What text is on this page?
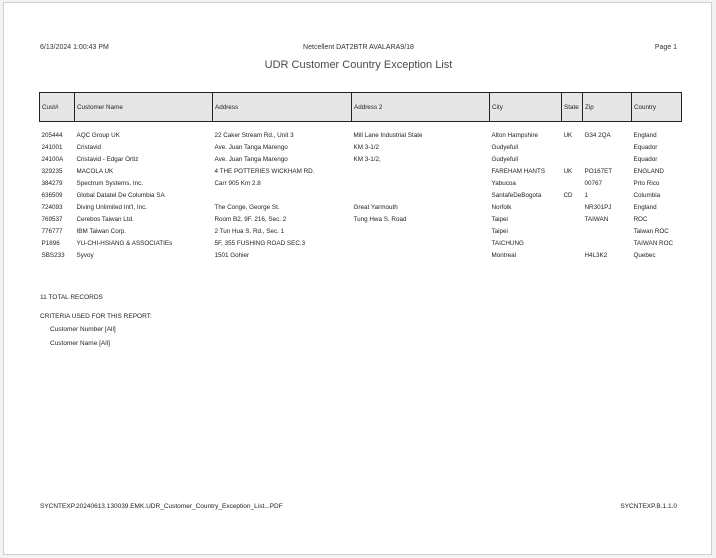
6/13/2024 1:00:43 PM	Netcellent DAT2BTR AVALARA9/18	Page 1
UDR Customer Country Exception List
Cust#	Customer Name	Address	Address 2	City	State	Zip	Country

205444	AQC Group UK	22 Caker Stream Rd., Unit 3	Mill Lane Industrial State	Alton Hampshire	UK	G34 2QA	England
241001	Cristavid	Ave. Juan Tanga Marengo	KM 3-1/2	Gudyefuil			Equador
24100A	Cristavid - Edgar Ortiz	Ave. Juan Tanga Marengo	KM 3-1/2,	Gudyefuil			Equador
329235	MACOLA UK	4 THE POTTERIES WICKHAM RD.		FAREHAM HANTS	UK	PO167ET	ENGLAND
384279	Spectrum Systems, Inc.	Carr 905 Km 2.8		Yabucoa		00767	Prto Rico
636509	Global Datatel De Columbia SA			SantafeDeBogota	CD	1	Columbia
724093	Diving Unlimited Int'l, Inc.	The Conge, George St.	Great Yarmouth	Norfolk		NR301PJ	England
769537	Cerebos Taiwan Ltd.	Room B2, 9F. 216, Sec. 2	Tung Hwa S. Road	Taipei		TAIWAN	ROC
776777	IBM Taiwan Corp.	2 Tun Hua S. Rd., Sec. 1		Taipei			Taiwan ROC
P1896	YU-CHI-HSIANG & ASSOCIATIEs	5F, 355 FUSHING ROAD SEC.3		TAICHUNG			TAIWAN ROC
SBS233	Syvoy	1501 Gohier		Montreal		H4L3K2	Quebec
11 TOTAL RECORDS
CRITERIA USED FOR THIS REPORT:
Customer Number [All]
Customer Name [All]
SYCNTEXP.20240613.130039.EMK.UDR_Customer_Country_Exception_List...PDF	SYCNTEXP.B.1.1.0
